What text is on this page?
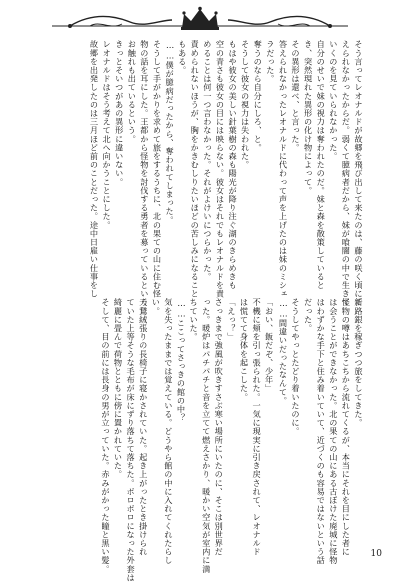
そう言ってレオナルドが故郷を飛び出して来たのは、藤の咲く頃に新
えられなかったからだ。弱くて臆病者だから、妹が喰闇の中で生きて
いくのを見ていられなかった。
自分のせいで妹の視力は奪われたのだ。妹と森を散策していると
き、突然現れた異形の化け物によって。
その異形は還べ、と言った。
答えられなかったレオナルドに代わって声を上げたのは妹のミシェ
ラだった。
奪うのなら自分にしろ、と。
そうして彼女の視力は失われた。
もはや彼女の美しい針葉樹の森も陽光が降り注ぐ湖のきらめきも
空の青さも彼女の目には映らない。彼女はそれでもレオナルドを責
めることは何一つ言わなかった。それがよけいにつらかった。
責められないほうが、胸をかきむしりたいほどの苦しみになること
もある。
……僕が臆病だったから、奪われてしまった。
そうして手がかりを求めて旅をするうちに、北の果ての山に住む怪
物の話を耳にした。王都から怪物を討伐する勇者を募っているという
お触れも出ているという。
きっとそいつがあの異形に違いない。
レオナルドはそう考えて北へ向かうことにした。
故郷を出発したのは三月ほど前のことだった。途中日雇い仕事をし
て路銀を稼ぎつつ旅をしてきた。
怪物の噂はあちこちから流れてくるが、本当にそれを目にした者に
は会うことができなかった。北の果ての山にある古ぼけた廃城に怪物
はわずかな手下と住み着いていて、近づくのも容易ではないという話
だった。
そうしてやっとたどり着いたのに。
……間違いだったなんて。
「おい、飯だぞ、少年」
不機に頬を引っ張られた。一気に現実に引き戻されて、レオナルド
は慌てて身体を起こした。
「えっ？」
さっきまで強風が吹きすさぶ寒い場所にいたのに、そこは別世界だ
った。暖炉はパチパチと音を立てて燃えさかり、暖かい空気が室内に満
ちていた。
……ここってさっきの館の中？
気を失ったままでは覚えている。どうやら館の中に入れてくれたらし
い。
天鵞絨張りの長椅子に寝かされていた。起き上がったとき掛けられ
ていた上等そうな毛布が床にずり落ちて落ちた。ボロボロになった外套は
綺麗に畳んで荷物とともに傍に置かれていた。
そして、目の前には長身の男が立っていた。赤みがかった瞳と黒い髪。	10
